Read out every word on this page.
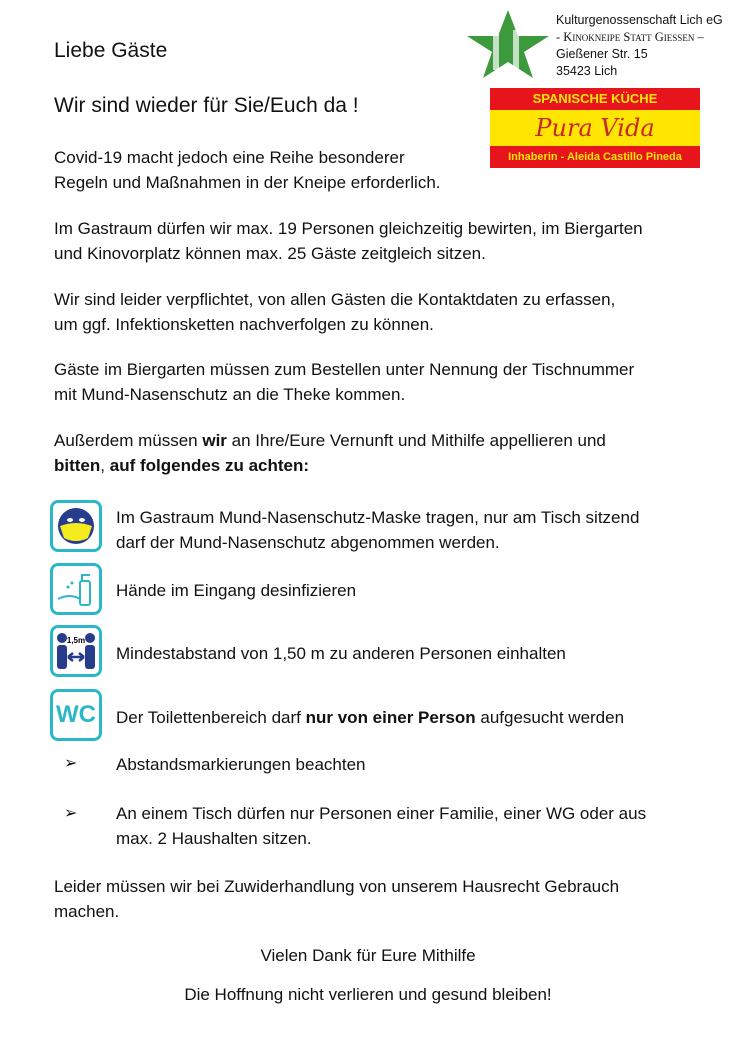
Kulturgenossenschaft Lich eG
- Kinokneipe Statt Gießen –
Gießener Str. 15
35423 Lich
SPANISCHE KÜCHE
Pura Vida
Inhaberin - Aleida Castillo Pineda
Liebe Gäste
Wir sind wieder für Sie/Euch da !
Covid-19 macht jedoch eine Reihe besonderer
Regeln und Maßnahmen in der Kneipe erforderlich.
Im Gastraum dürfen wir max. 19 Personen gleichzeitig bewirten, im Biergarten
und Kinovorplatz können max. 25 Gäste zeitgleich sitzen.
Wir sind leider verpflichtet, von allen Gästen die Kontaktdaten zu erfassen,
um ggf. Infektionsketten nachverfolgen zu können.
Gäste im Biergarten müssen zum Bestellen unter Nennung der Tischnummer
mit Mund-Nasenschutz an die Theke kommen.
Außerdem müssen wir an Ihre/Eure Vernunft und Mithilfe appellieren und
bitten, auf folgendes zu achten:
Im Gastraum Mund-Nasenschutz-Maske tragen, nur am Tisch sitzend
darf der Mund-Nasenschutz abgenommen werden.
Hände im Eingang desinfizieren
1,5m
Mindestabstand von 1,50 m zu anderen Personen einhalten
WC Der Toilettenbereich darf nur von einer Person aufgesucht werden
➢ Abstandsmarkierungen beachten
➢ An einem Tisch dürfen nur Personen einer Familie, einer WG oder aus
max. 2 Haushalten sitzen.
Leider müssen wir bei Zuwiderhandlung von unserem Hausrecht Gebrauch
machen.
Vielen Dank für Eure Mithilfe
Die Hoffnung nicht verlieren und gesund bleiben!
